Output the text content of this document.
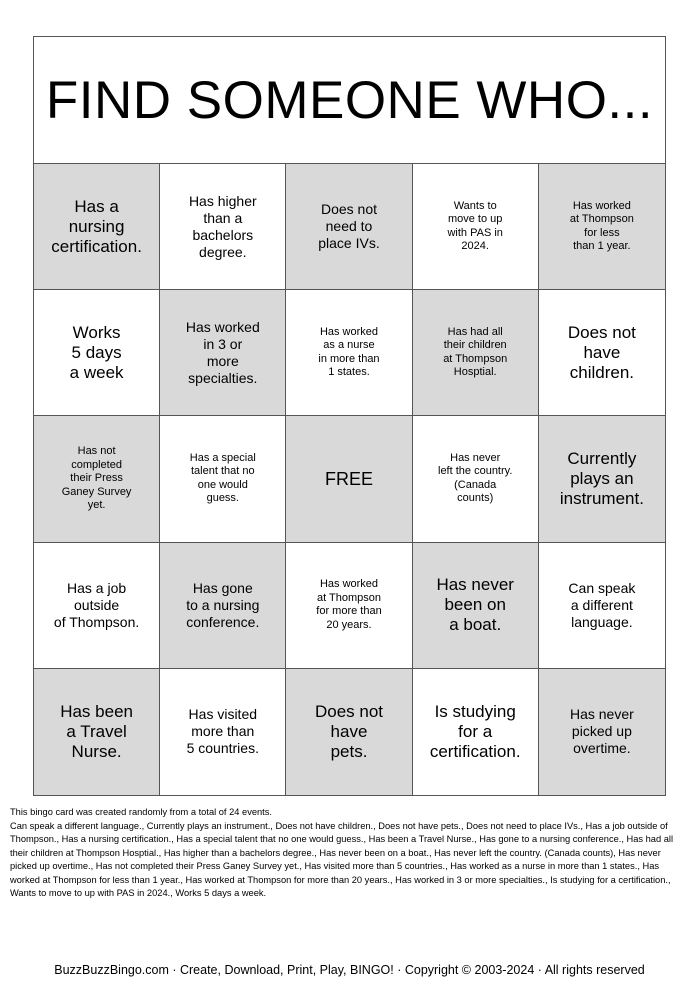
FIND SOMEONE WHO...
Has a
nursing
certification.
Has higher
than a
bachelors
degree.
Does not
need to
place IVs.
Wants to
move to up
with PAS in
2024.
Has worked
at Thompson
for less
than 1 year.
Works
5 days
a week
Has worked
in 3 or
more
specialties.
Has worked
as a nurse
in more than
1 states.
Has had all
their children
at Thompson
Hosptial.
Does not
have
children.
Has not
completed
their Press
Ganey Survey
yet.
Has a special
talent that no
one would
guess.
FREE
Has never
left the country.
(Canada
counts)
Currently
plays an
instrument.
Has a job
outside
of Thompson.
Has gone
to a nursing
conference.
Has worked
at Thompson
for more than
20 years.
Has never
been on
a boat.
Can speak
a different
language.
Has been
a Travel
Nurse.
Has visited
more than
5 countries.
Does not
have
pets.
Is studying
for a
certification.
Has never
picked up
overtime.

This bingo card was created randomly from a total of 24 events.

Can speak a different language., Currently plays an instrument., Does not have children., Does not have pets., Does not need to place IVs., Has a job outside of Thompson., Has a nursing certification., Has a special talent that no one would guess., Has been a Travel Nurse., Has gone to a nursing conference., Has had all their children at Thompson Hosptial., Has higher than a bachelors degree., Has never been on a boat., Has never left the country. (Canada counts), Has never picked up overtime., Has not completed their Press Ganey Survey yet., Has visited more than 5 countries., Has worked as a nurse in more than 1 states., Has worked at Thompson for less than 1 year., Has worked at Thompson for more than 20 years., Has worked in 3 or more specialties., Is studying for a certification., Wants to move to up with PAS in 2024., Works 5 days a week.

BuzzBuzzBingo.com · Create, Download, Print, Play, BINGO! · Copyright © 2003-2024 · All rights reserved
